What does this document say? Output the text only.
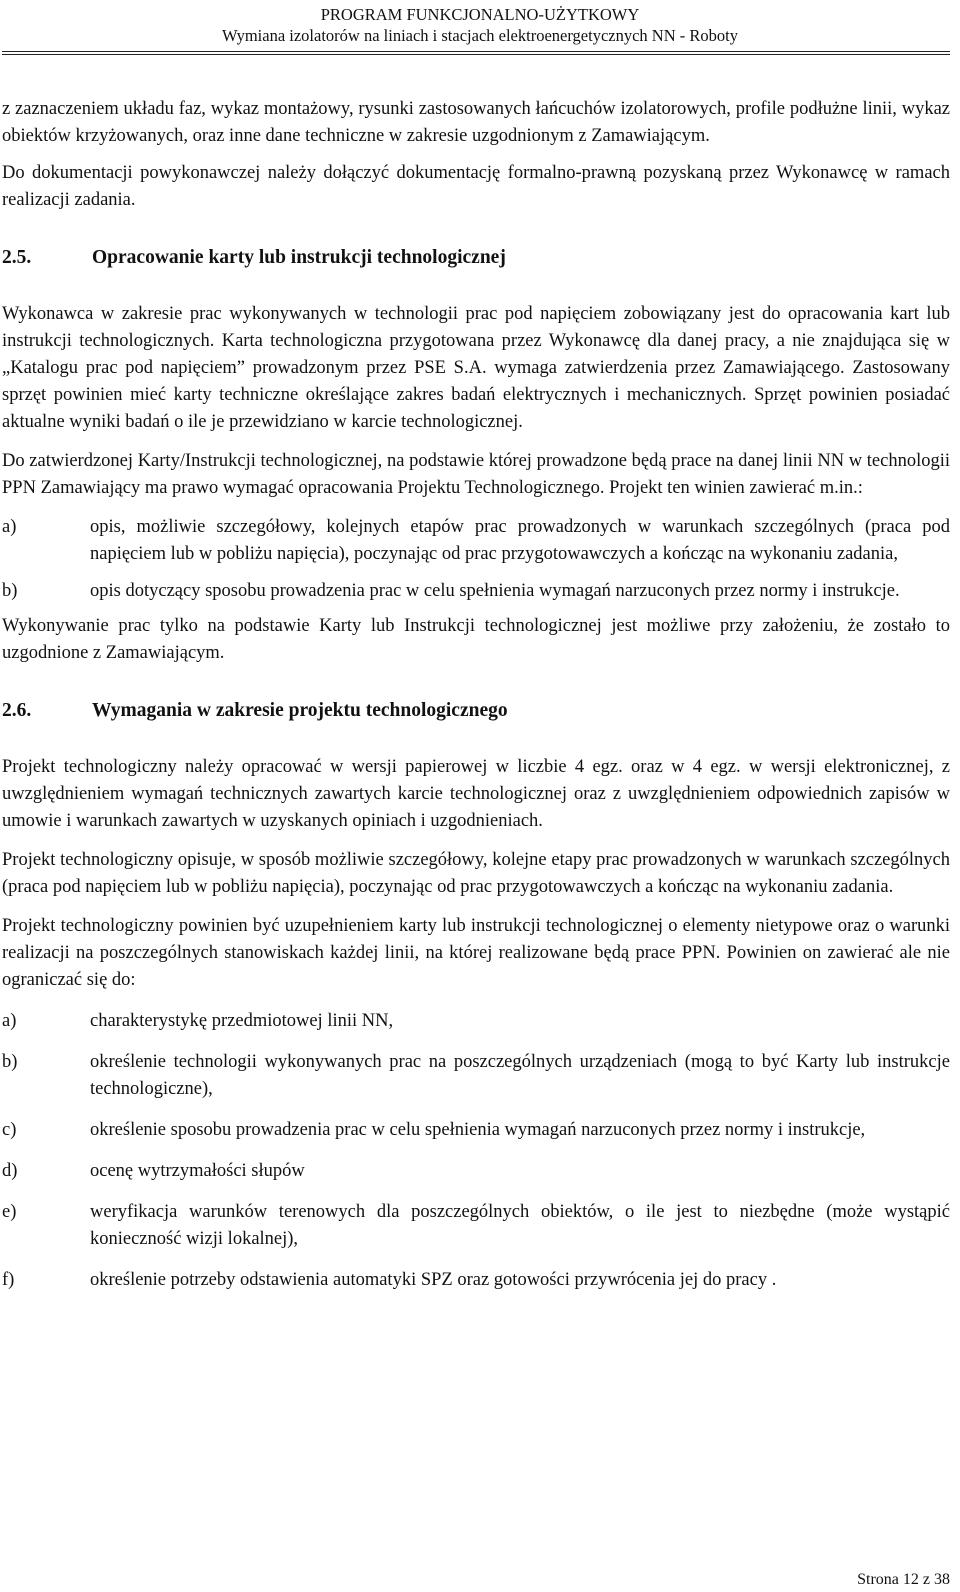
PROGRAM FUNKCJONALNO-UŻYTKOWY
Wymiana izolatorów na liniach i stacjach elektroenergetycznych NN - Roboty

z zaznaczeniem układu faz, wykaz montażowy, rysunki zastosowanych łańcuchów izolatorowych, profile podłużne linii, wykaz obiektów krzyżowanych, oraz inne dane techniczne w zakresie uzgodnionym z Zamawiającym.

Do dokumentacji powykonawczej należy dołączyć dokumentację formalno-prawną pozyskaną przez Wykonawcę w ramach realizacji zadania.

2.5.	Opracowanie karty lub instrukcji technologicznej

Wykonawca w zakresie prac wykonywanych w technologii prac pod napięciem zobowiązany jest do opracowania kart lub instrukcji technologicznych. Karta technologiczna przygotowana przez Wykonawcę dla danej pracy, a nie znajdująca się w „Katalogu prac pod napięciem” prowadzonym przez PSE S.A. wymaga zatwierdzenia przez Zamawiającego. Zastosowany sprzęt powinien mieć karty techniczne określające zakres badań elektrycznych i mechanicznych. Sprzęt powinien posiadać aktualne wyniki badań o ile je przewidziano w karcie technologicznej.

Do zatwierdzonej Karty/Instrukcji technologicznej, na podstawie której prowadzone będą prace na danej linii NN w technologii PPN Zamawiający ma prawo wymagać opracowania Projektu Technologicznego. Projekt ten winien zawierać m.in.:

a)	opis, możliwie szczegółowy, kolejnych etapów prac prowadzonych w warunkach szczególnych (praca pod napięciem lub w pobliżu napięcia), poczynając od prac przygotowawczych a kończąc na wykonaniu zadania,
b)	opis dotyczący sposobu prowadzenia prac w celu spełnienia wymagań narzuconych przez normy i instrukcje.

Wykonywanie prac tylko na podstawie Karty lub Instrukcji technologicznej jest możliwe przy założeniu, że zostało to uzgodnione z Zamawiającym.

2.6.	Wymagania w zakresie projektu technologicznego

Projekt technologiczny należy opracować w wersji papierowej w liczbie 4 egz. oraz w 4 egz. w wersji elektronicznej, z uwzględnieniem wymagań technicznych zawartych karcie technologicznej oraz z uwzględnieniem odpowiednich zapisów w umowie i warunkach zawartych w uzyskanych opiniach i uzgodnieniach.

Projekt technologiczny opisuje, w sposób możliwie szczegółowy, kolejne etapy prac prowadzonych w warunkach szczególnych (praca pod napięciem lub w pobliżu napięcia), poczynając od prac przygotowawczych a kończąc na wykonaniu zadania.

Projekt technologiczny powinien być uzupełnieniem karty lub instrukcji technologicznej o elementy nietypowe oraz o warunki realizacji na poszczególnych stanowiskach każdej linii, na której realizowane będą prace PPN. Powinien on zawierać ale nie ograniczać się do:

a)	charakterystykę przedmiotowej linii NN,
b)	określenie technologii wykonywanych prac na poszczególnych urządzeniach (mogą to być Karty lub instrukcje technologiczne),
c)	określenie sposobu prowadzenia prac w celu spełnienia wymagań narzuconych przez normy i instrukcje,
d)	ocenę wytrzymałości słupów
e)	weryfikacja warunków terenowych dla poszczególnych obiektów, o ile jest to niezbędne (może wystąpić konieczność wizji lokalnej),
f)	określenie potrzeby odstawienia automatyki SPZ oraz gotowości przywrócenia jej do pracy .
Strona 12 z 38
